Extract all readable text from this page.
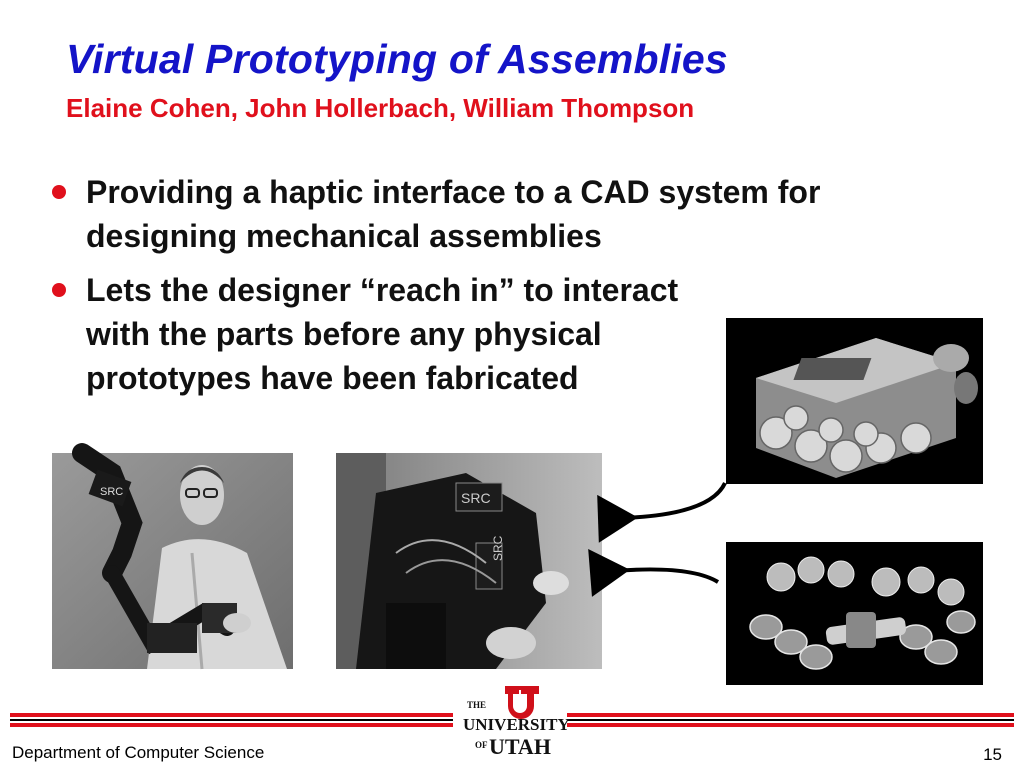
Virtual Prototyping of Assemblies
Elaine Cohen, John Hollerbach, William Thompson
Providing a haptic interface to a CAD system for designing mechanical assemblies
Lets the designer “reach in” to interact with the parts before any physical prototypes have been fabricated
SRC	SRC
SRC
THE
UNIVERSITY
OF UTAH
Department of Computer Science	15
